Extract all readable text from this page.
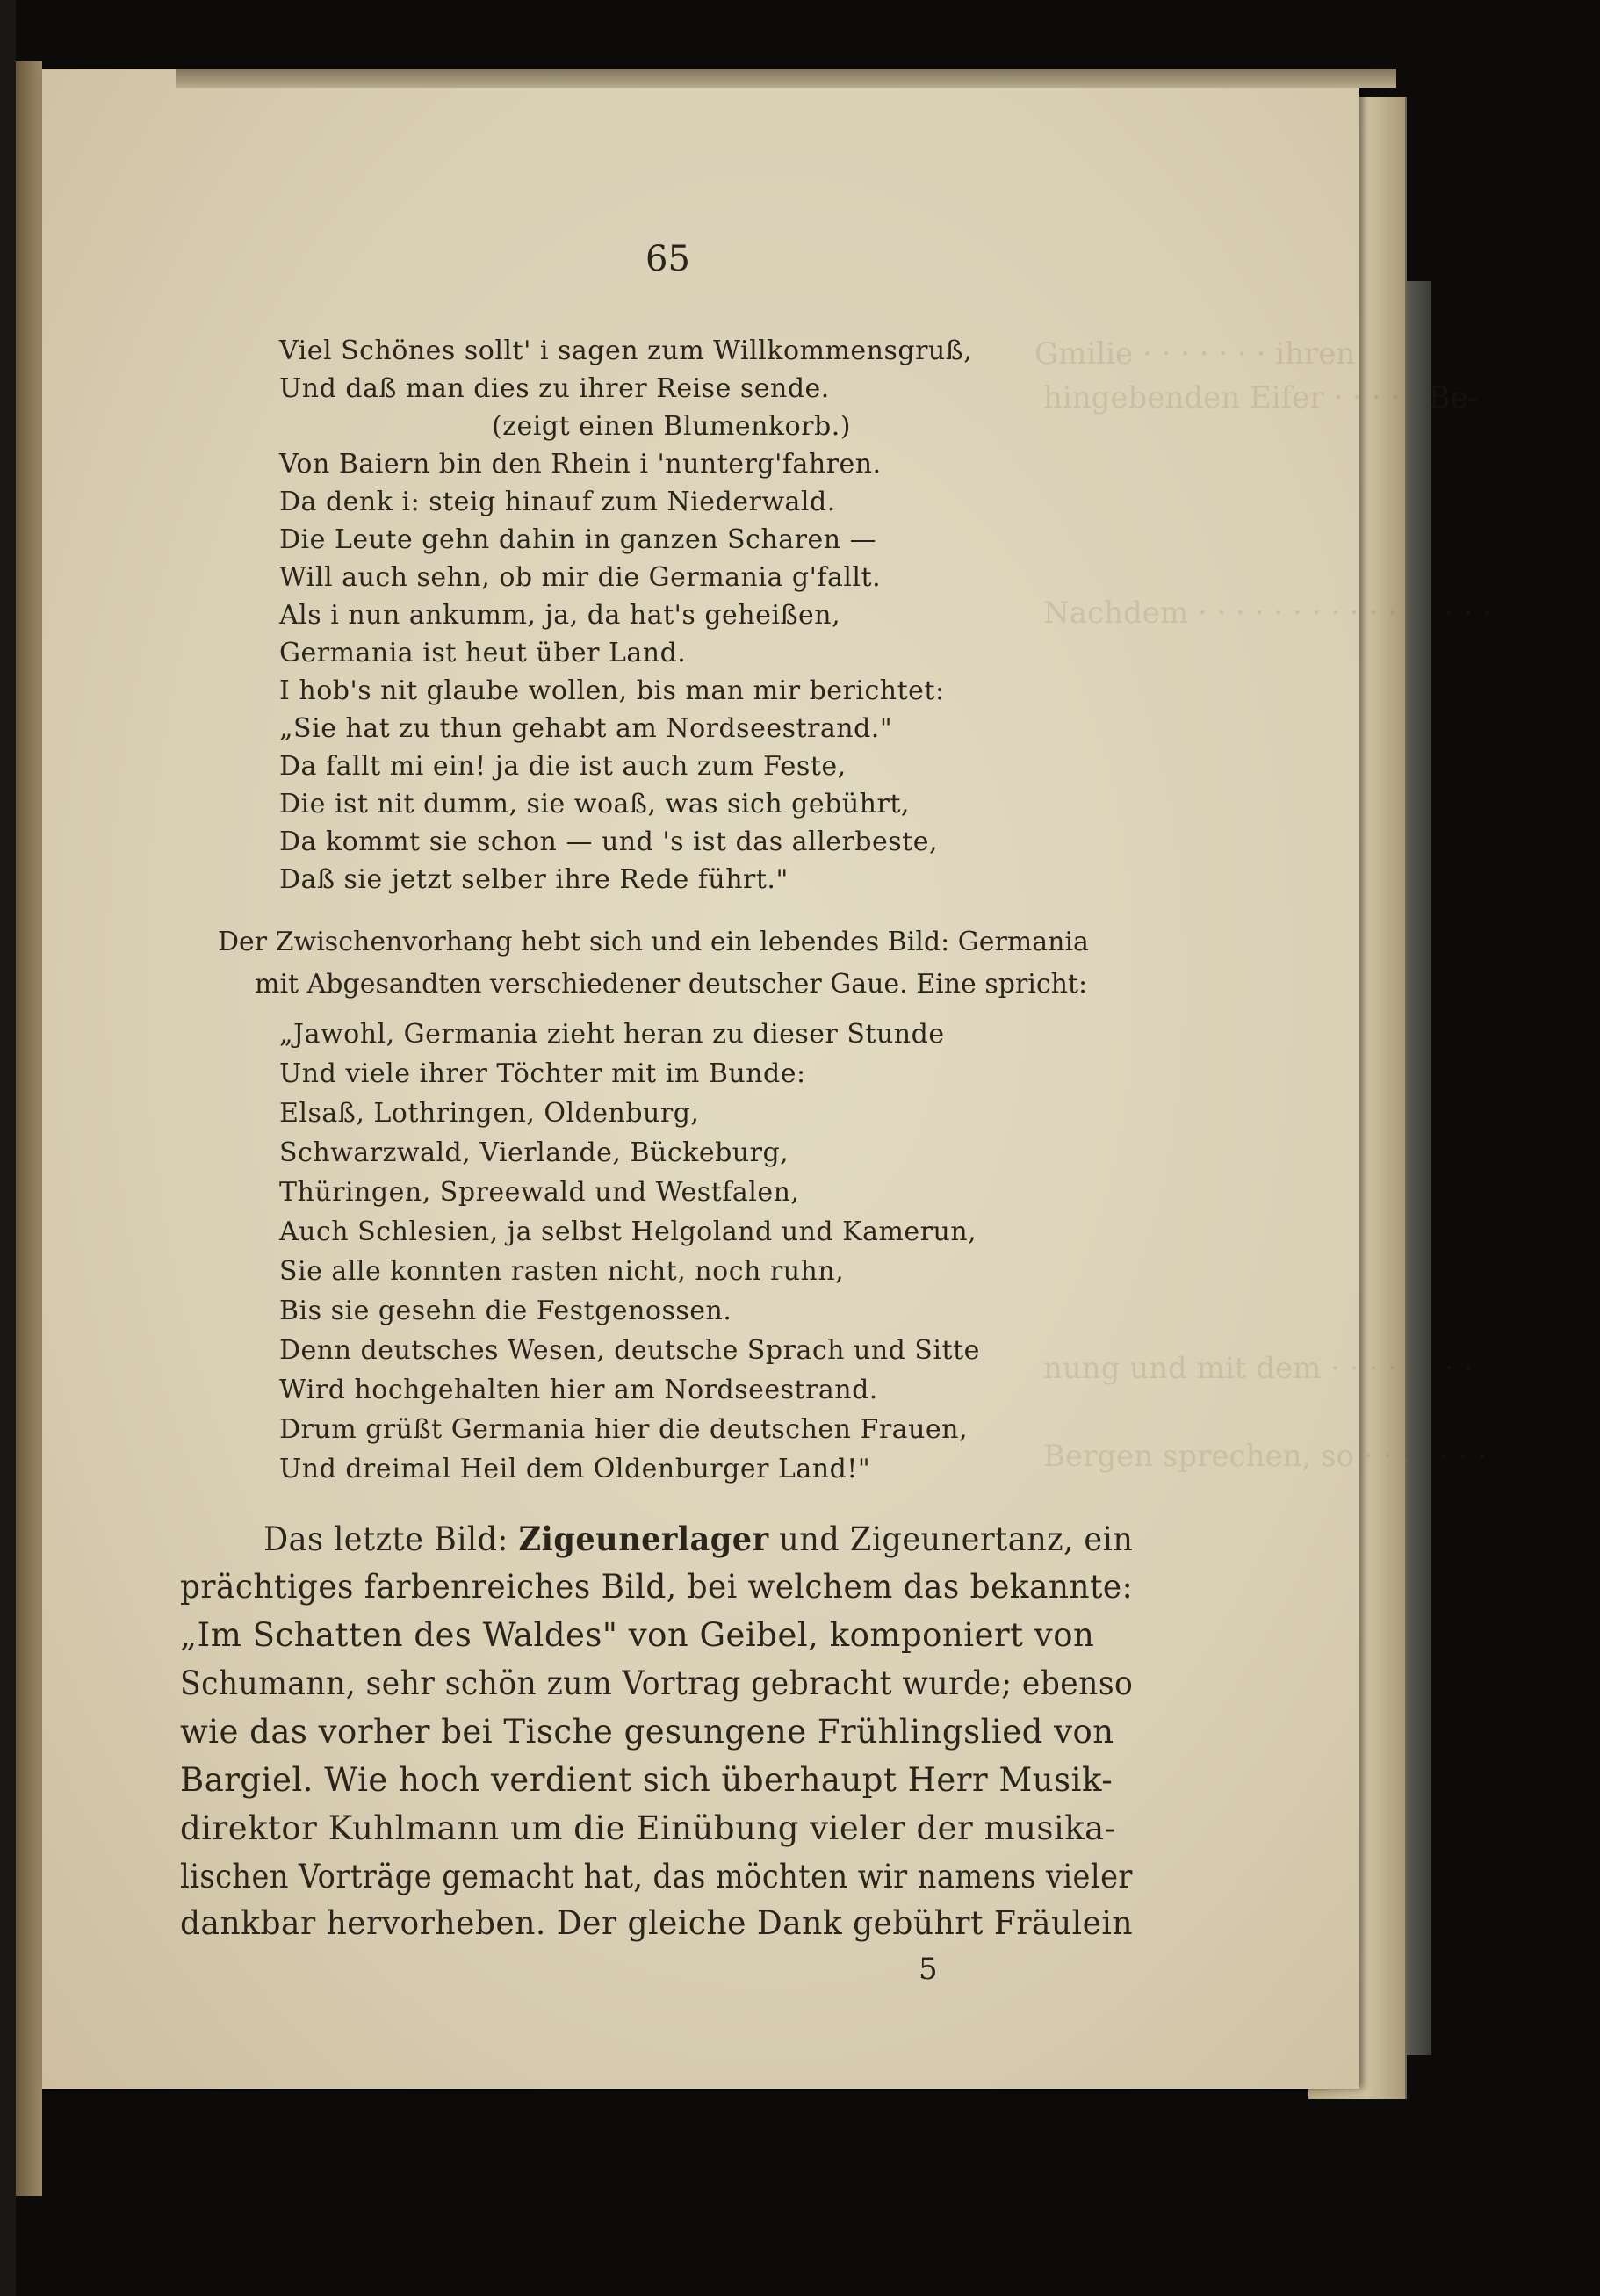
Gmilie · · · · · · · ihren
hingebenden Eifer · · · · · Be-
Nachdem · · · · · · · · · · · · · · · ·
nung und mit dem · · · · · · · ·
Bergen sprechen, so · · · · · · ·
65
Viel Schönes sollt' i sagen zum Willkommensgruß,
Und daß man dies zu ihrer Reise sende.
(zeigt einen Blumenkorb.)
Von Baiern bin den Rhein i 'nunterg'fahren.
Da denk i: steig hinauf zum Niederwald.
Die Leute gehn dahin in ganzen Scharen —
Will auch sehn, ob mir die Germania g'fallt.
Als i nun ankumm, ja, da hat's geheißen,
Germania ist heut über Land.
I hob's nit glaube wollen, bis man mir berichtet:
„Sie hat zu thun gehabt am Nordseestrand."
Da fallt mi ein! ja die ist auch zum Feste,
Die ist nit dumm, sie woaß, was sich gebührt,
Da kommt sie schon — und 's ist das allerbeste,
Daß sie jetzt selber ihre Rede führt."
Der Zwischenvorhang hebt sich und ein lebendes Bild: Germania
mit Abgesandten verschiedener deutscher Gaue. Eine spricht:
„Jawohl, Germania zieht heran zu dieser Stunde
Und viele ihrer Töchter mit im Bunde:
Elsaß, Lothringen, Oldenburg,
Schwarzwald, Vierlande, Bückeburg,
Thüringen, Spreewald und Westfalen,
Auch Schlesien, ja selbst Helgoland und Kamerun,
Sie alle konnten rasten nicht, noch ruhn,
Bis sie gesehn die Festgenossen.
Denn deutsches Wesen, deutsche Sprach und Sitte
Wird hochgehalten hier am Nordseestrand.
Drum grüßt Germania hier die deutschen Frauen,
Und dreimal Heil dem Oldenburger Land!"
Das letzte Bild: Zigeunerlager und Zigeunertanz, ein
prächtiges farbenreiches Bild, bei welchem das bekannte:
„Im Schatten des Waldes" von Geibel, komponiert von
Schumann, sehr schön zum Vortrag gebracht wurde; ebenso
wie das vorher bei Tische gesungene Frühlingslied von
Bargiel. Wie hoch verdient sich überhaupt Herr Musik-
direktor Kuhlmann um die Einübung vieler der musika-
lischen Vorträge gemacht hat, das möchten wir namens vieler
dankbar hervorheben. Der gleiche Dank gebührt Fräulein
5
